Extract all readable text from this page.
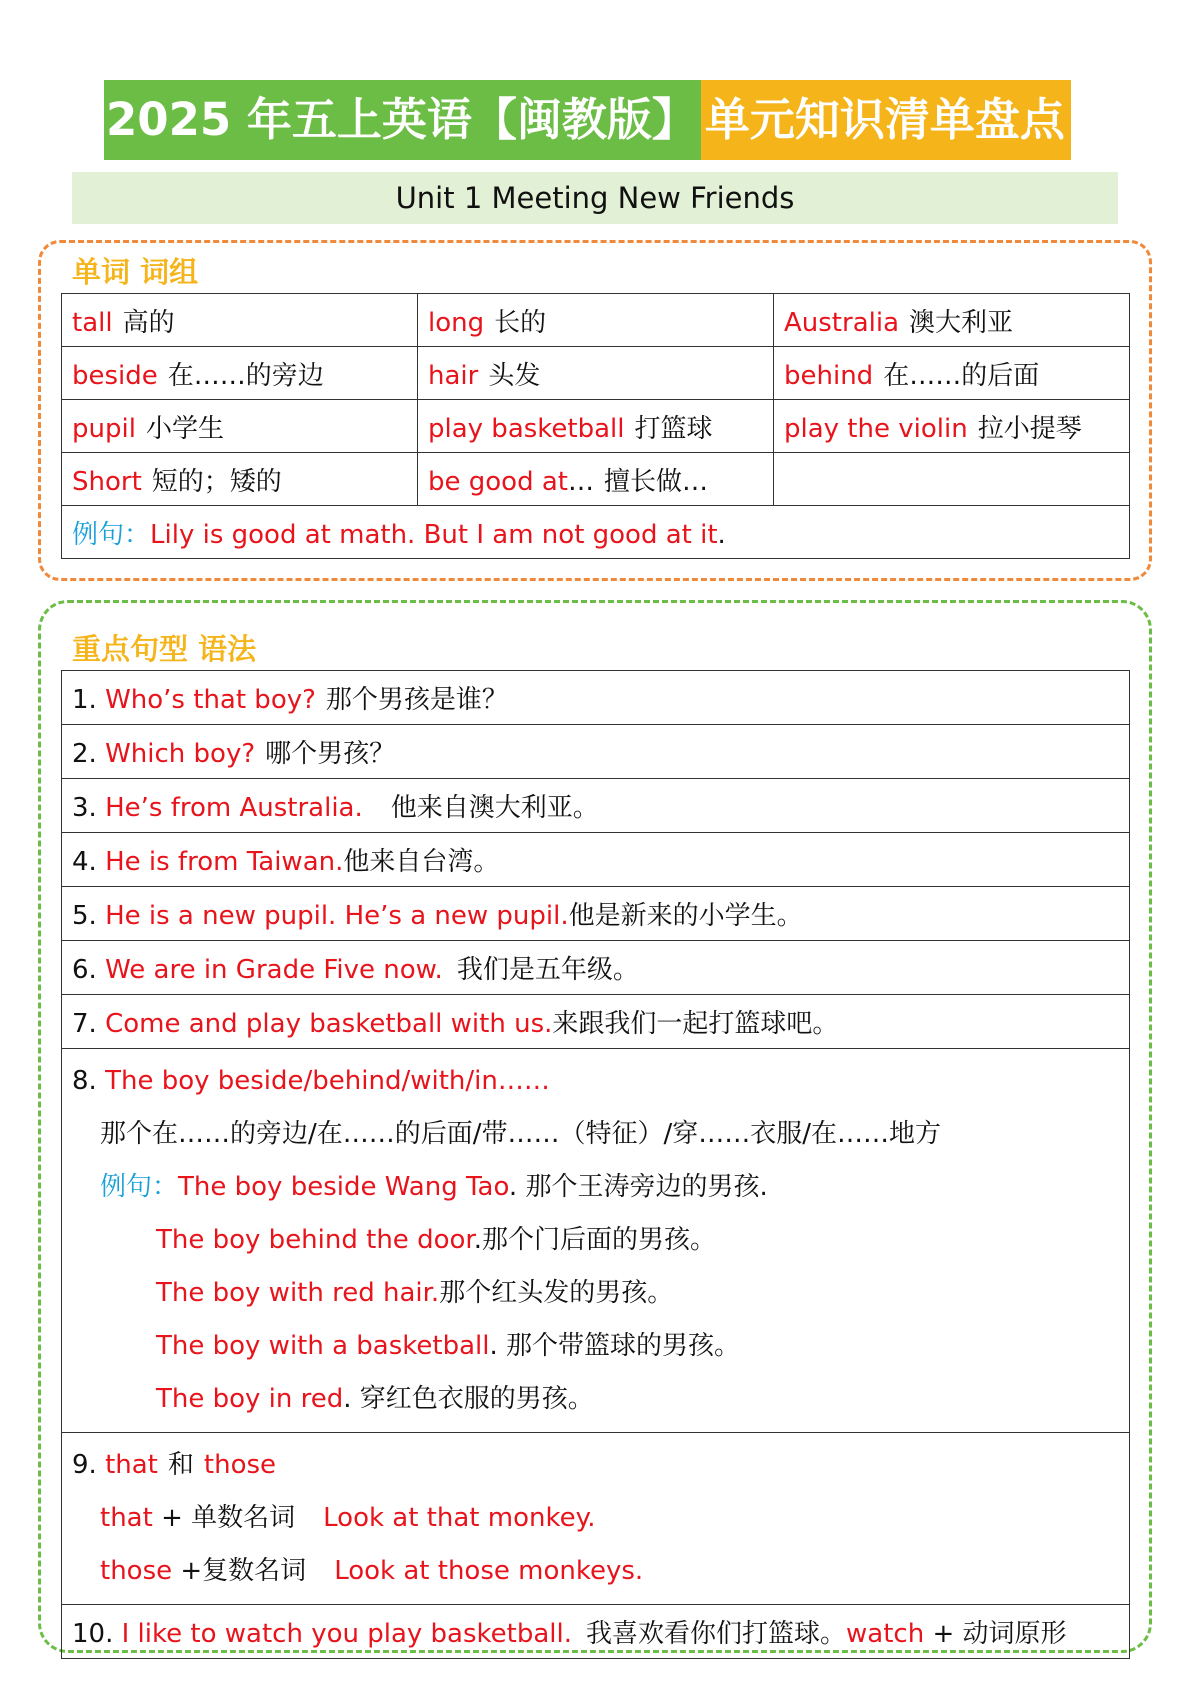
2025 年五上英语【闽教版】 单元知识清单盘点
Unit 1 Meeting New Friends
单词 词组
tall 高的	long 长的	Australia 澳大利亚
beside 在……的旁边	hair 头发	behind 在……的后面
pupil 小学生	play basketball 打篮球	play the violin 拉小提琴
Short 短的；矮的	be good at… 擅长做…	
例句：Lily is good at math. But I am not good at it.		
重点句型 语法
1. Who’s that boy? 那个男孩是谁？
2. Which boy? 哪个男孩？
3. He’s from Australia. 他来自澳大利亚。
4. He is from Taiwan.他来自台湾。
5. He is a new pupil. He’s a new pupil.他是新来的小学生。
6. We are in Grade Five now. 我们是五年级。
7. Come and play basketball with us.来跟我们一起打篮球吧。

8. The boy beside/behind/with/in……
那个在……的旁边/在……的后面/带……（特征）/穿……衣服/在……地方
例句：The boy beside Wang Tao. 那个王涛旁边的男孩.
The boy behind the door.那个门后面的男孩。
The boy with red hair.那个红头发的男孩。
The boy with a basketball. 那个带篮球的男孩。
The boy in red. 穿红色衣服的男孩。

9. that 和 those
that + 单数名词 Look at that monkey.
those +复数名词 Look at those monkeys.

10. I like to watch you play basketball. 我喜欢看你们打篮球。watch + 动词原形
